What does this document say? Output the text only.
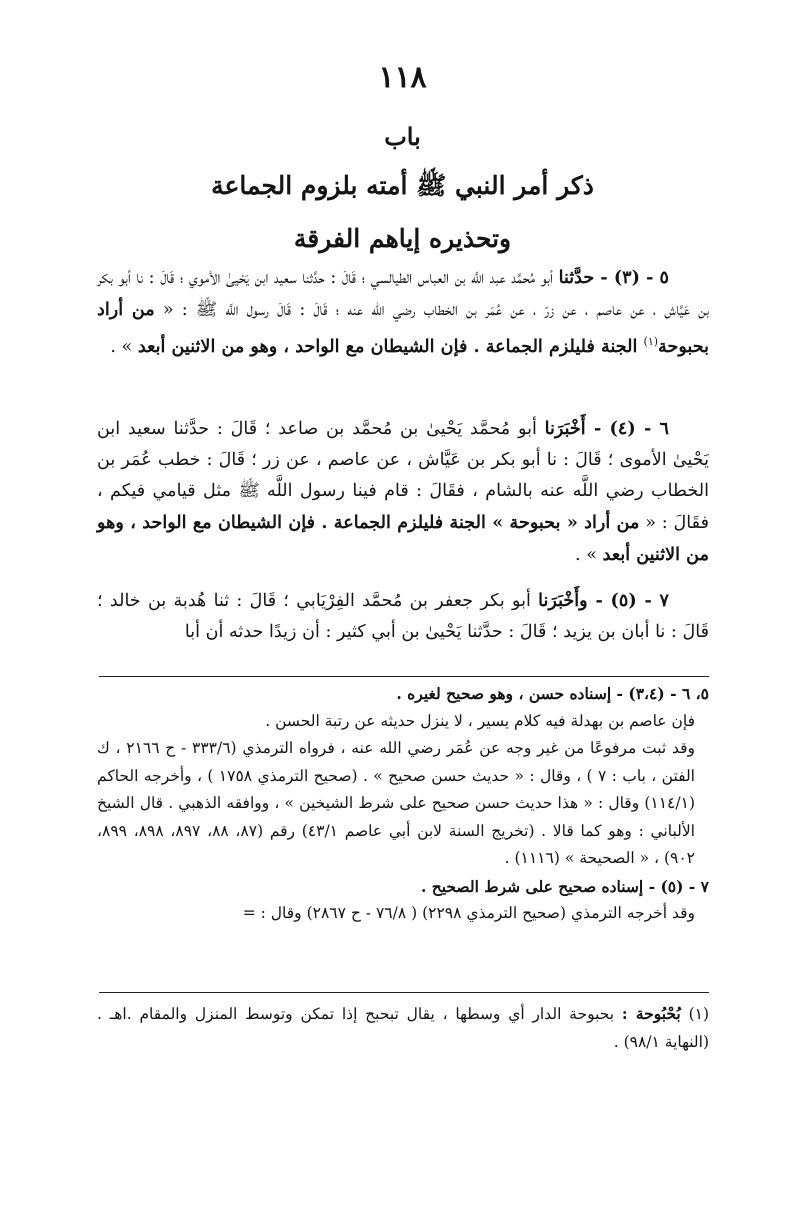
١١٨
باب
ذكر أمر النبي ﷺ أمته بلزوم الجماعة
وتحذيره إياهم الفرقة

٥ - (٣) - حدَّثنا أبو مُحمَّد عبد اللَّه بن العباس الطيالسي ؛ قَالَ : حدَّثنا سعيد ابن يَحْيىٰ الأموي ؛ قَالَ : نا أبو بكر بن عَيَّاش ، عن عاصم ، عن زرّ ، عن عُمَر بن الخطاب رضي الله عنه ؛ قَالَ : قَالَ رسول اللَّه ﷺ : « من أراد بحبوحة$^{(١)}$ الجنة فليلزم الجماعة . فإن الشيطان مع الواحد ، وهو من الاثنين أبعد » .

٦ - (٤) - أَخْبَرَنا أبو مُحمَّد يَحْيىٰ بن مُحمَّد بن صاعد ؛ قَالَ : حدَّثنا سعيد ابن يَحْيىٰ الأموى ؛ قَالَ : نا أبو بكر بن عَيَّاش ، عن عاصم ، عن زر ؛ قَالَ : خطب عُمَر بن الخطاب رضي اللَّه عنه بالشام ، فقَالَ : قام فينا رسول اللَّه ﷺ مثل قيامي فيكم ، فقَالَ : « من أراد « بحبوحة » الجنة فليلزم الجماعة . فإن الشيطان مع الواحد ، وهو من الاثنين أبعد » .

٧ - (٥) - وأَخْبَرَنا أبو بكر جعفر بن مُحمَّد الفِرْيَابي ؛ قَالَ : ثنا هُدبة بن خالد ؛ قَالَ : نا أبان بن يزيد ؛ قَالَ : حدَّثنا يَحْيىٰ بن أبي كثير : أن زيدًا حدثه أن أبا

٥، ٦ - (٣،٤) - إسناده حسن ، وهو صحيح لغيره .

فإن عاصم بن بهدلة فيه كلام يسير ، لا ينزل حديثه عن رتبة الحسن .

وقد ثبت مرفوعًا من غير وجه عن عُمَر رضي الله عنه ، فرواه الترمذي (٣٣٣/٦ - ح ٢١٦٦ ، ك الفتن ، باب : ٧ ) ، وقال : « حديث حسن صحيح » . (صحيح الترمذي ١٧٥٨ ) ، وأخرجه الحاكم (١١٤/١) وقال : « هذا حديث حسن صحيح على شرط الشيخين » ، ووافقه الذهبي . قال الشيخ الألباني : وهو كما قالا . (تخريج السنة لابن أبي عاصم ٤٣/١) رقم (٨٧، ٨٨، ٨٩٧، ٨٩٨، ٨٩٩، ٩٠٢) ، « الصحيحة » (١١١٦) .

٧ - (٥) - إسناده صحيح على شرط الصحيح .

وقد أخرجه الترمذي (صحيح الترمذي ٢٢٩٨) ( ٧٦/٨ - ح ٢٨٦٧) وقال : =

(١) بُحْبُوحة : بحبوحة الدار أي وسطها ، يقال تبحبح إذا تمكن وتوسط المنزل والمقام .اهـ . (النهاية ٩٨/١) .
